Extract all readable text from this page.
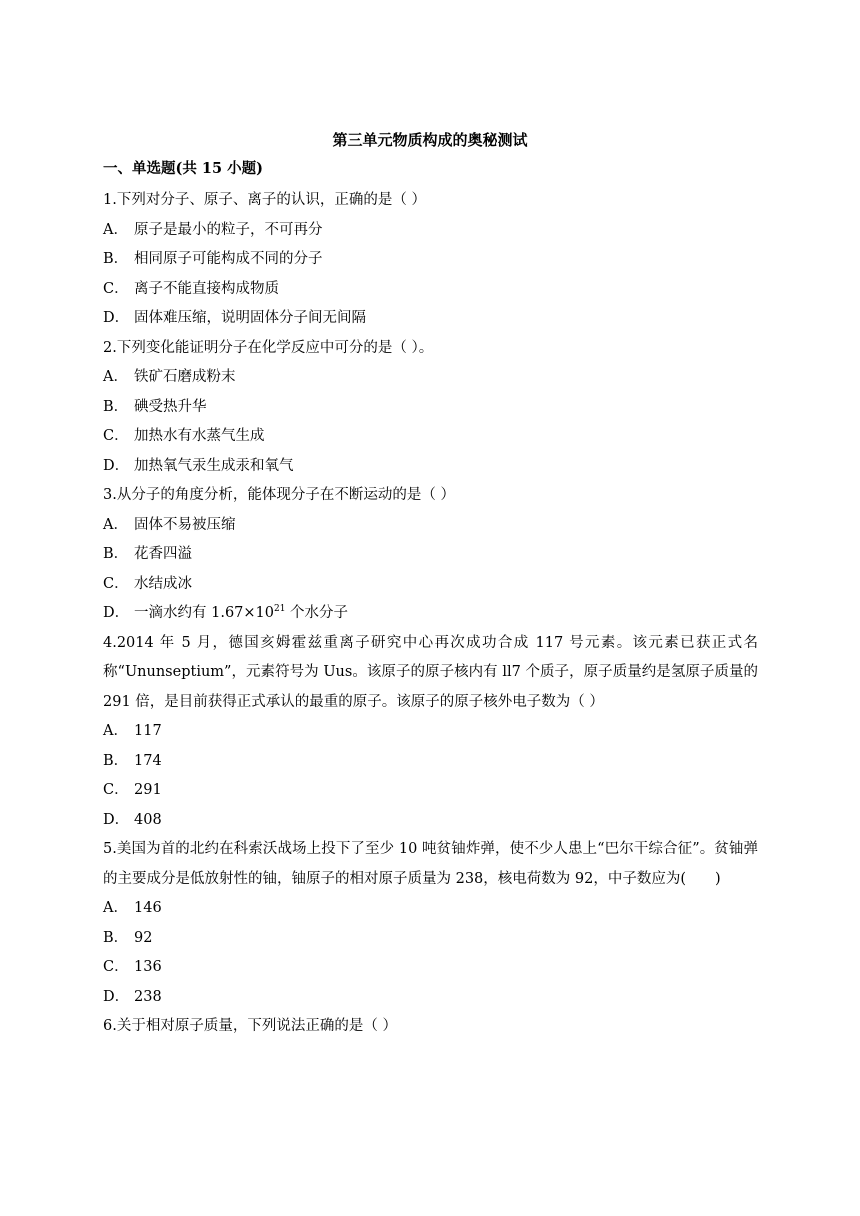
第三单元物质构成的奥秘测试
一、单选题(共 15 小题)
1.下列对分子、原子、离子的认识，正确的是（ ）
A． 原子是最小的粒子，不可再分
B． 相同原子可能构成不同的分子
C． 离子不能直接构成物质
D． 固体难压缩，说明固体分子间无间隔
2.下列变化能证明分子在化学反应中可分的是（ ）。
A． 铁矿石磨成粉末
B． 碘受热升华
C． 加热水有水蒸气生成
D． 加热氧气汞生成汞和氧气
3.从分子的角度分析，能体现分子在不断运动的是（ ）
A． 固体不易被压缩
B． 花香四溢
C． 水结成冰
D． 一滴水约有 $1.67\times 10^{21}$ 个水分子
4.2014 年 5 月，德国亥姆霍兹重离子研究中心再次成功合成 117 号元素。该元素已获正式名称“Ununseptium”，元素符号为 Uus。该原子的原子核内有 ll7 个质子，原子质量约是氢原子质量的 291 倍，是目前获得正式承认的最重的原子。该原子的原子核外电子数为（ ）
A． 117
B． 174
C． 291
D． 408
5.美国为首的北约在科索沃战场上投下了至少 10 吨贫铀炸弹，使不少人患上“巴尔干综合征”。贫铀弹的主要成分是低放射性的铀，铀原子的相对原子质量为 238，核电荷数为 92，中子数应为(　　)
A． 146
B． 92
C． 136
D． 238
6.关于相对原子质量，下列说法正确的是（ ）
